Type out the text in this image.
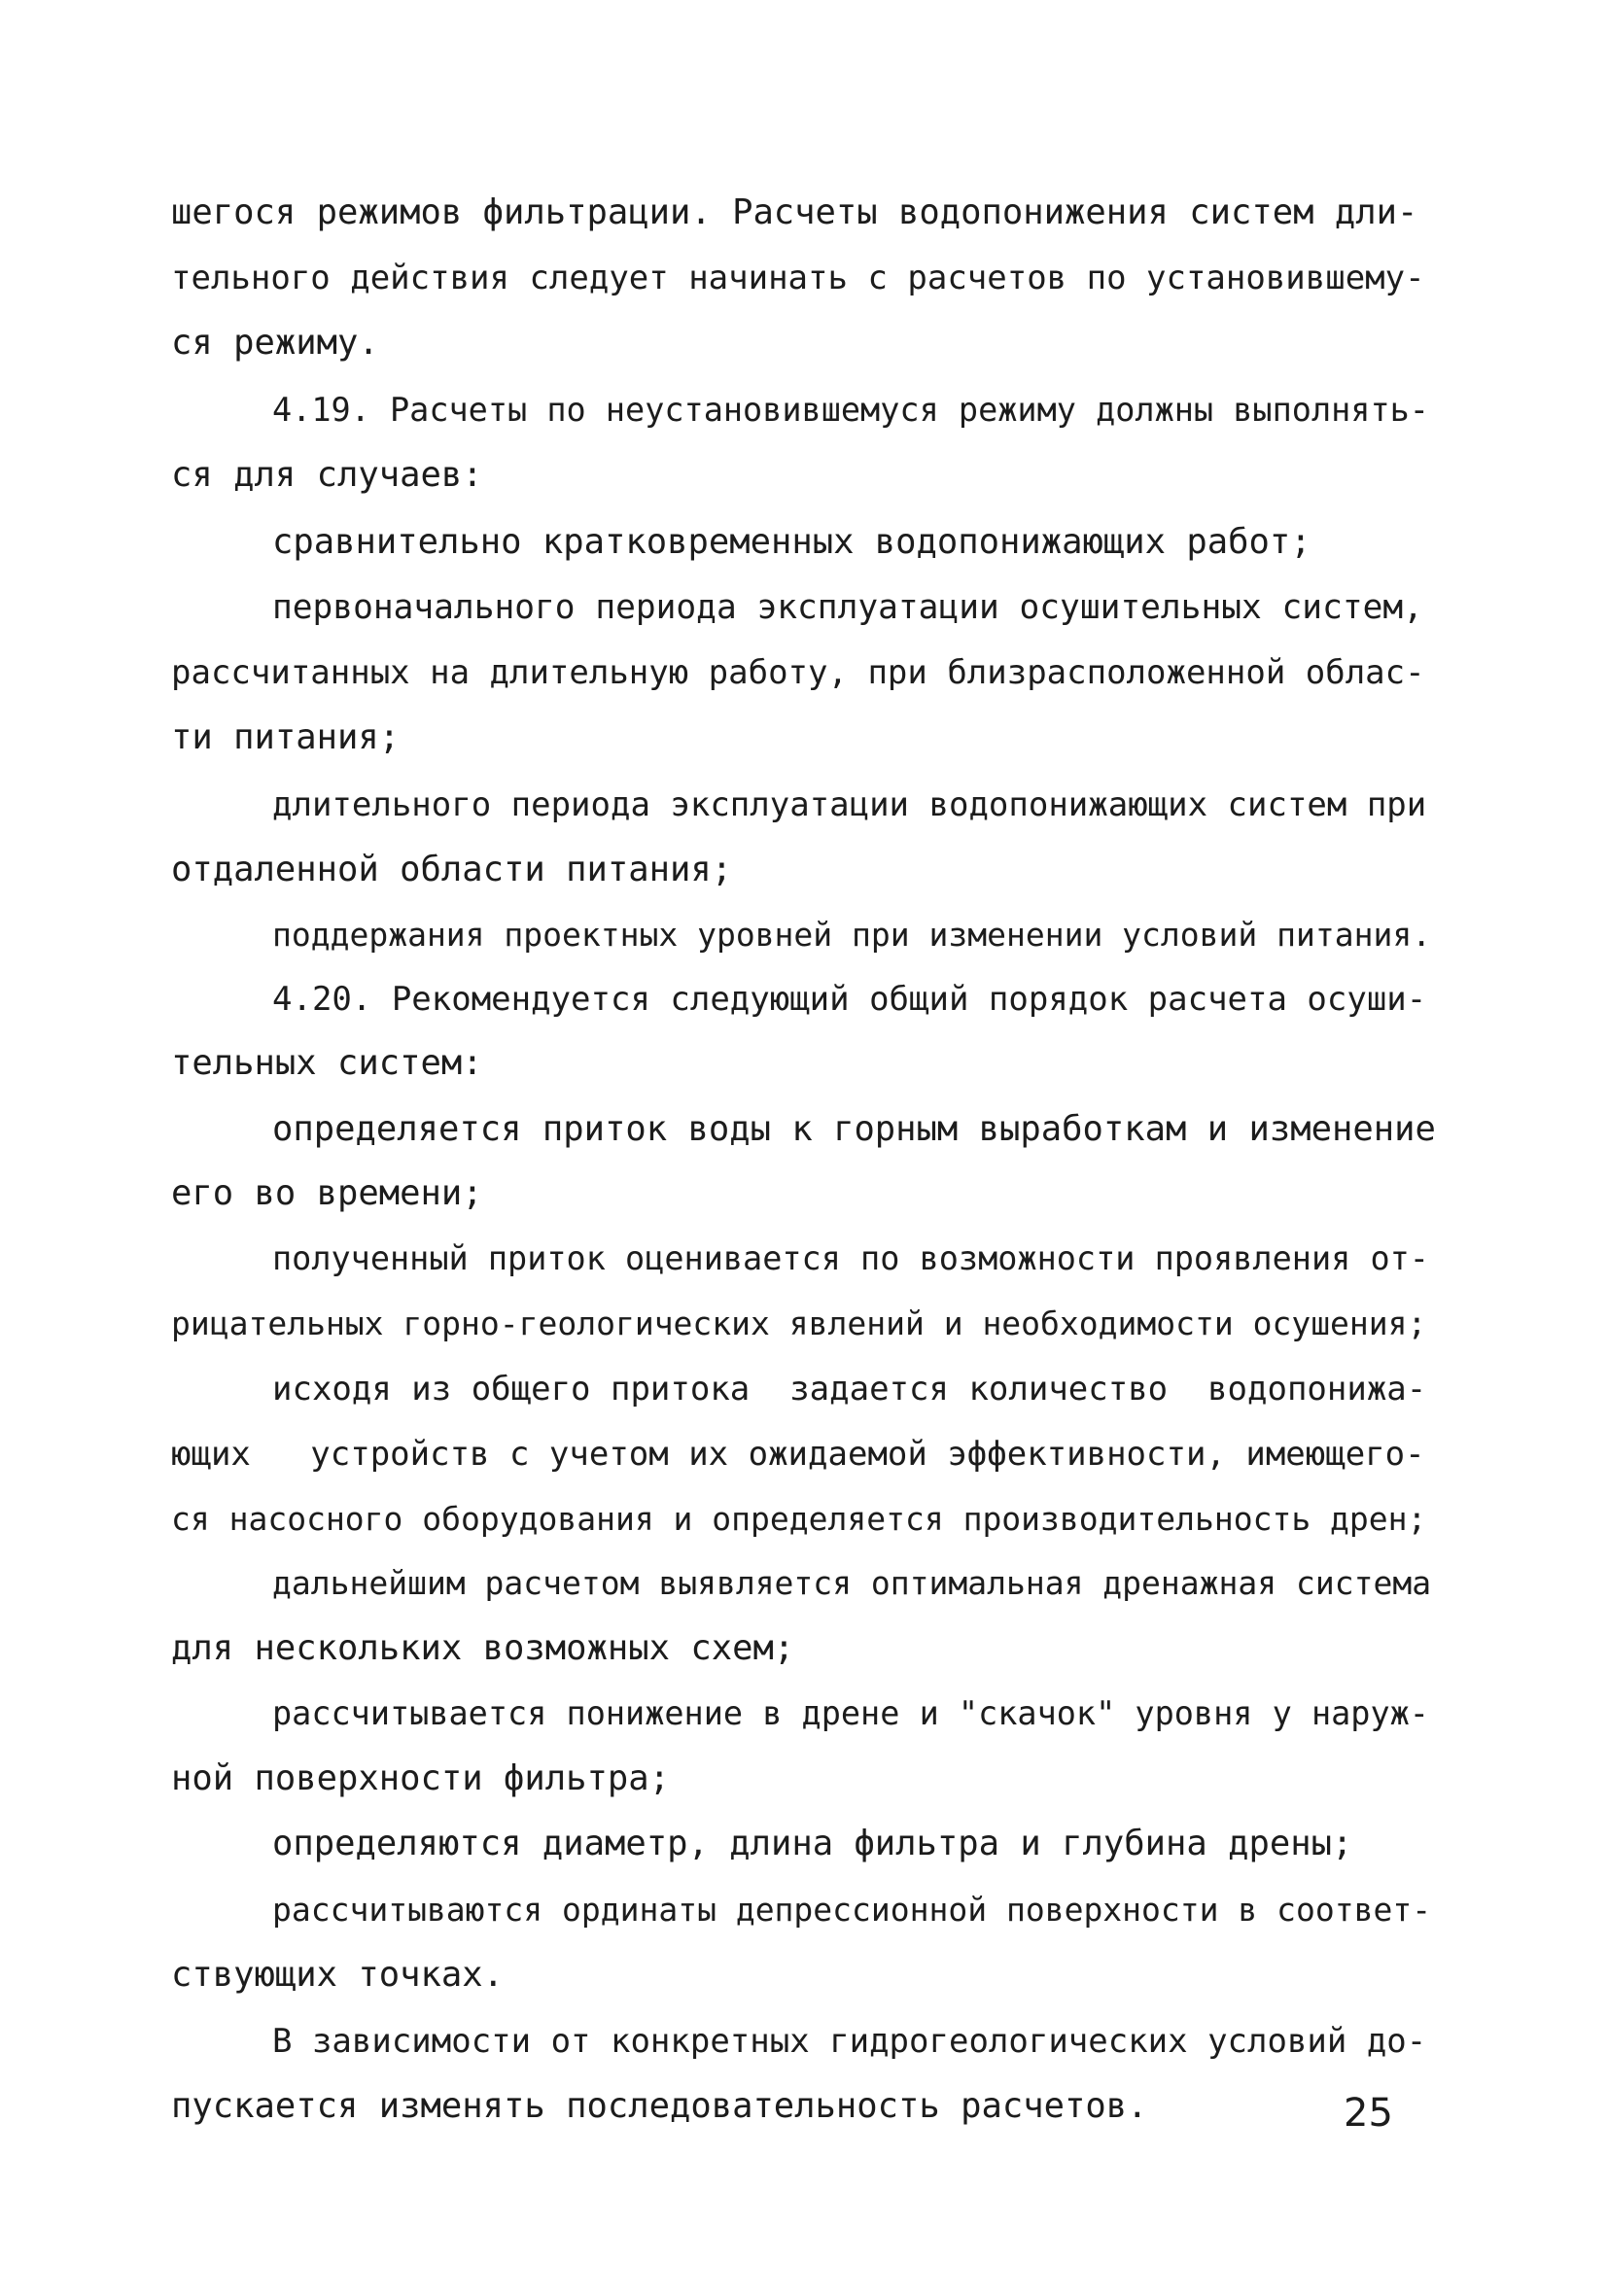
шегося режимов фильтрации. Расчеты водопонижения систем дли-
тельного действия следует начинать с расчетов по установившему-
ся режиму.
4.19. Расчеты по неустановившемуся режиму должны выполнять-
ся для случаев:
сравнительно кратковременных водопонижающих работ;
первоначального периода эксплуатации осушительных систем,
рассчитанных на длительную работу, при близрасположенной облас-
ти питания;
длительного периода эксплуатации водопонижающих систем при
отдаленной области питания;
поддержания проектных уровней при изменении условий питания.
4.20. Рекомендуется следующий общий порядок расчета осуши-
тельных систем:
определяется приток воды к горным выработкам и изменение
его во времени;
полученный приток оценивается по возможности проявления от-
рицательных горно-геологических явлений и необходимости осушения;
исходя из общего притока  задается количество  водопонижа-
ющих   устройств с учетом их ожидаемой эффективности, имеющего-
ся насосного оборудования и определяется производительность дрен;
дальнейшим расчетом выявляется оптимальная дренажная система
для нескольких возможных схем;
рассчитывается понижение в дрене и "скачок" уровня у наруж-
ной поверхности фильтра;
определяются диаметр, длина фильтра и глубина дрены;
рассчитываются ординаты депрессионной поверхности в соответ-
ствующих точках.
В зависимости от конкретных гидрогеологических условий до-
пускается изменять последовательность расчетов.	25
